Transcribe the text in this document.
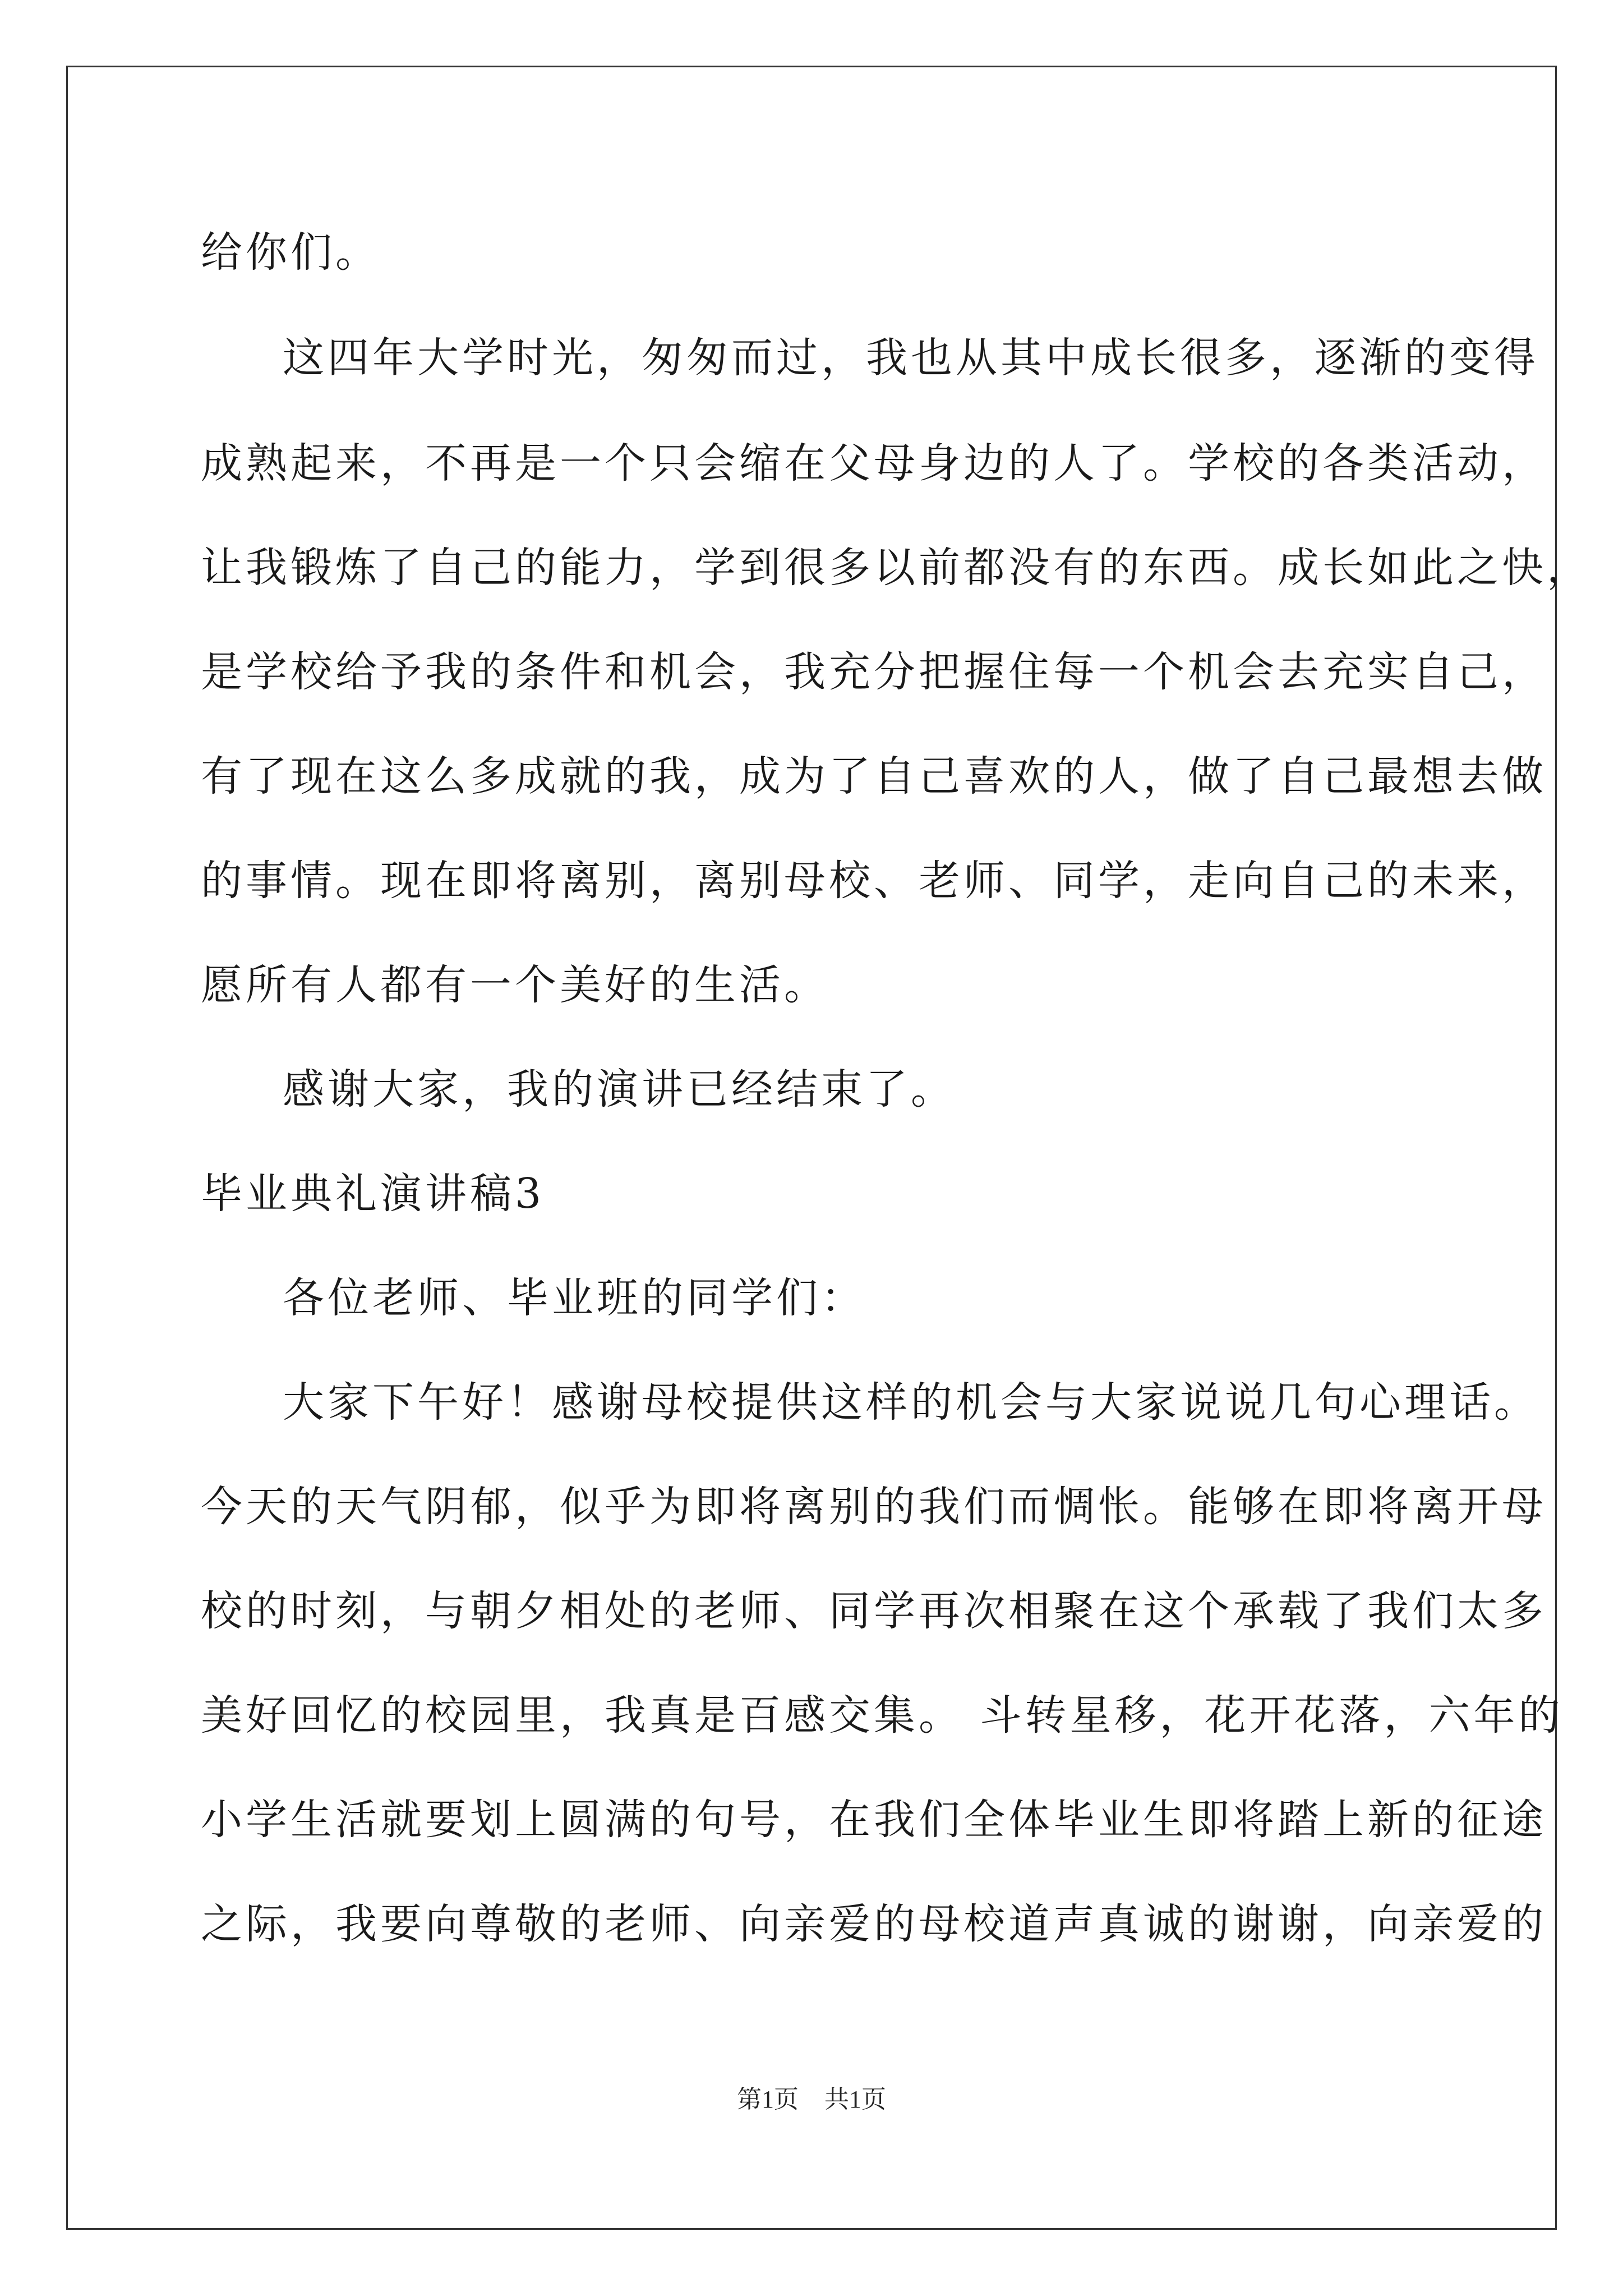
给你们。
这四年大学时光，匆匆而过，我也从其中成长很多，逐渐的变得
成熟起来，不再是一个只会缩在父母身边的人了。学校的各类活动，
让我锻炼了自己的能力，学到很多以前都没有的东西。成长如此之快，
是学校给予我的条件和机会，我充分把握住每一个机会去充实自己，
有了现在这么多成就的我，成为了自己喜欢的人，做了自己最想去做
的事情。现在即将离别，离别母校、老师、同学，走向自己的未来，
愿所有人都有一个美好的生活。
感谢大家，我的演讲已经结束了。
毕业典礼演讲稿3
各位老师、毕业班的同学们：
大家下午好！感谢母校提供这样的机会与大家说说几句心理话。
今天的天气阴郁，似乎为即将离别的我们而惆怅。能够在即将离开母
校的时刻，与朝夕相处的老师、同学再次相聚在这个承载了我们太多
美好回忆的校园里，我真是百感交集。 斗转星移，花开花落，六年的
小学生活就要划上圆满的句号，在我们全体毕业生即将踏上新的征途
之际，我要向尊敬的老师、向亲爱的母校道声真诚的谢谢，向亲爱的
第1页 共1页
